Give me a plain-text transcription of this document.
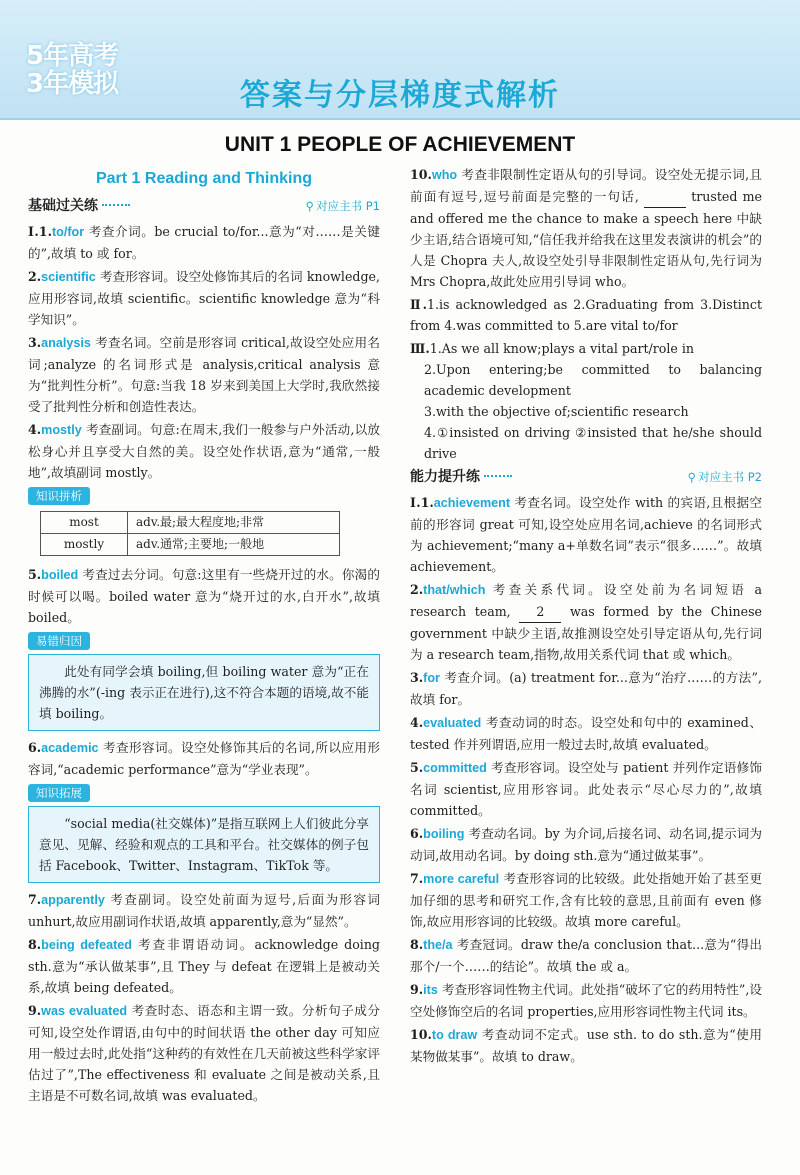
5年高考
3年模拟	答案与分层梯度式解析
UNIT 1 PEOPLE OF ACHIEVEMENT
Part 1 Reading and Thinking
基础过关练	⚲ 对应主书 P1
Ⅰ.1.to/for 考查介词。be crucial to/for...意为“对……是关键的”,故填 to 或 for。
2.scientific 考查形容词。设空处修饰其后的名词 knowledge,应用形容词,故填 scientific。scientific knowledge 意为“科学知识”。
3.analysis 考查名词。空前是形容词 critical,故设空处应用名词;analyze 的名词形式是 analysis,critical analysis 意为“批判性分析”。句意:当我 18 岁来到美国上大学时,我欣然接受了批判性分析和创造性表达。
4.mostly 考查副词。句意:在周末,我们一般参与户外活动,以放松身心并且享受大自然的美。设空处作状语,意为“通常,一般地”,故填副词 mostly。
知识拼析
most	adv.最;最大程度地;非常
mostly	adv.通常;主要地;一般地
5.boiled 考查过去分词。句意:这里有一些烧开过的水。你渴的时候可以喝。boiled water 意为“烧开过的水,白开水”,故填 boiled。
易错归因
此处有同学会填 boiling,但 boiling water 意为“正在沸腾的水”(-ing 表示正在进行),这不符合本题的语境,故不能填 boiling。
6.academic 考查形容词。设空处修饰其后的名词,所以应用形容词,“academic performance”意为“学业表现”。
知识拓展
“social media(社交媒体)”是指互联网上人们彼此分享意见、见解、经验和观点的工具和平台。社交媒体的例子包括 Facebook、Twitter、Instagram、TikTok 等。
7.apparently 考查副词。设空处前面为逗号,后面为形容词 unhurt,故应用副词作状语,故填 apparently,意为“显然”。
8.being defeated 考查非谓语动词。acknowledge doing sth.意为“承认做某事”,且 They 与 defeat 在逻辑上是被动关系,故填 being defeated。
9.was evaluated 考查时态、语态和主谓一致。分析句子成分可知,设空处作谓语,由句中的时间状语 the other day 可知应用一般过去时,此处指“这种药的有效性在几天前被这些科学家评估过了”,The effectiveness 和 evaluate 之间是被动关系,且主语是不可数名词,故填 was evaluated。
10.who 考查非限制性定语从句的引导词。设空处无提示词,且前面有逗号,逗号前面是完整的一句话,	trusted me and offered me the chance to make a speech here 中缺少主语,结合语境可知,“信任我并给我在这里发表演讲的机会”的人是 Chopra 夫人,故设空处引导非限制性定语从句,先行词为 Mrs Chopra,故此处应用引导词 who。
Ⅱ.1.is acknowledged as 2.Graduating from 3.Distinct from 4.was committed to 5.are vital to/for
Ⅲ.1.As we all know;plays a vital part/role in
2.Upon entering;be committed to balancing academic development
3.with the objective of;scientific research
4.①insisted on driving ②insisted that he/she should drive
能力提升练	⚲ 对应主书 P2
Ⅰ.1.achievement 考查名词。设空处作 with 的宾语,且根据空前的形容词 great 可知,设空处应用名词,achieve 的名词形式为 achievement;“many a+单数名词”表示“很多……”。故填 achievement。
2.that/which 考查关系代词。设空处前为名词短语 a research team, 2 was formed by the Chinese government 中缺少主语,故推测设空处引导定语从句,先行词为 a research team,指物,故用关系代词 that 或 which。
3.for 考查介词。(a) treatment for...意为“治疗……的方法”,故填 for。
4.evaluated 考查动词的时态。设空处和句中的 examined、tested 作并列谓语,应用一般过去时,故填 evaluated。
5.committed 考查形容词。设空处与 patient 并列作定语修饰名词 scientist,应用形容词。此处表示“尽心尽力的”,故填 committed。
6.boiling 考查动名词。by 为介词,后接名词、动名词,提示词为动词,故用动名词。by doing sth.意为“通过做某事”。
7.more careful 考查形容词的比较级。此处指她开始了甚至更加仔细的思考和研究工作,含有比较的意思,且前面有 even 修饰,故应用形容词的比较级。故填 more careful。
8.the/a 考查冠词。draw the/a conclusion that...意为“得出那个/一个……的结论”。故填 the 或 a。
9.its 考查形容词性物主代词。此处指“破坏了它的药用特性”,设空处修饰空后的名词 properties,应用形容词性物主代词 its。
10.to draw 考查动词不定式。use sth. to do sth.意为“使用某物做某事”。故填 to draw。
